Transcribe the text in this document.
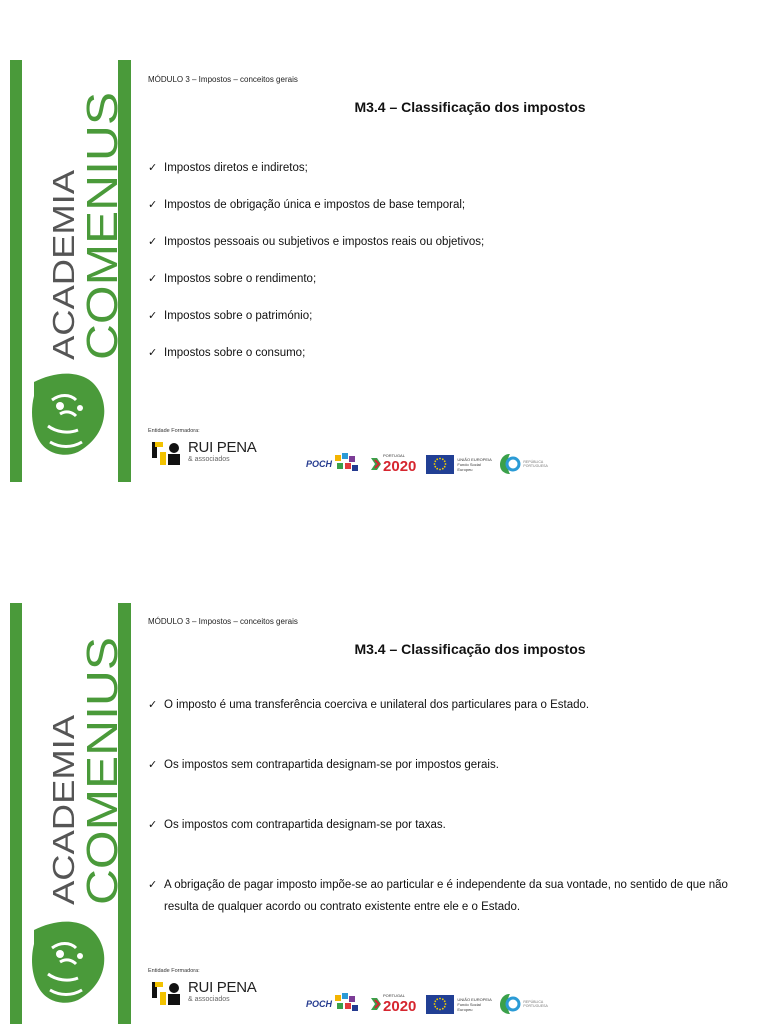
ACADEMIA
COMENIUS
MÓDULO 3 – Impostos – conceitos gerais
M3.4 – Classificação dos impostos
✓ Impostos diretos e indiretos;
✓ Impostos de obrigação única e impostos de base temporal;
✓ Impostos pessoais ou subjetivos e impostos reais ou objetivos;
✓ Impostos sobre o rendimento;
✓ Impostos sobre o património;
✓ Impostos sobre o consumo;
Entidade Formadora:
RUI PENA
& associados	POCH
PORTUGAL
2020	UNIÃO EUROPEIA Fundo Social Europeu
REPÚBLICA PORTUGUESA
ACADEMIA
COMENIUS
MÓDULO 3 – Impostos – conceitos gerais
M3.4 – Classificação dos impostos
✓ O imposto é uma transferência coerciva e unilateral dos particulares para o Estado.
✓ Os impostos sem contrapartida designam-se por impostos gerais.
✓ Os impostos com contrapartida designam-se por taxas.
✓ A obrigação de pagar imposto impõe-se ao particular e é independente da sua vontade, no sentido de que não resulta de qualquer acordo ou contrato existente entre ele e o Estado.
Entidade Formadora:
RUI PENA
& associados	POCH
PORTUGAL
2020	UNIÃO EUROPEIA Fundo Social Europeu
REPÚBLICA PORTUGUESA
